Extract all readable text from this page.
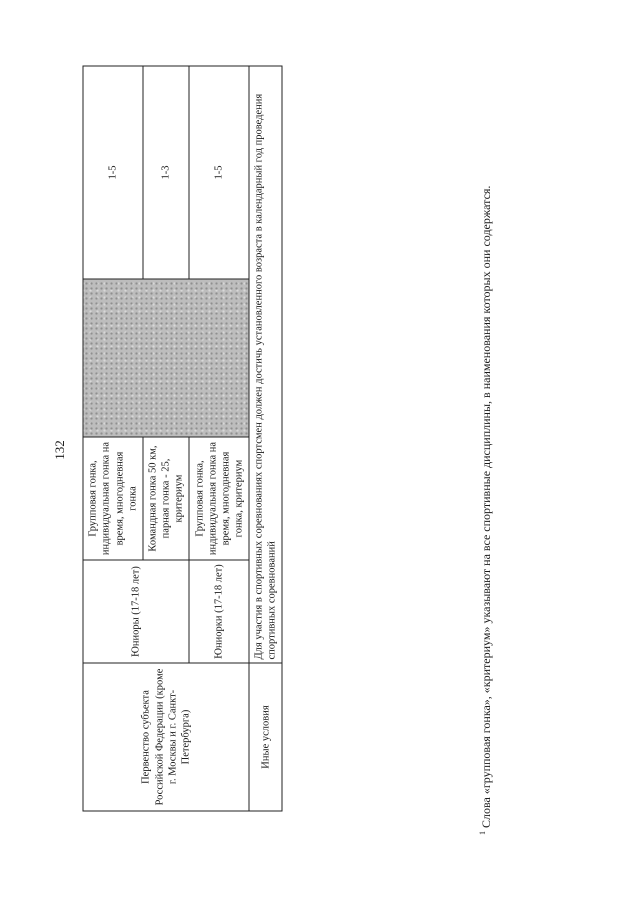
132
Первенство субъекта Российской Федерации (кроме г. Москвы и г. Санкт-Петербурга)	Юниоры (17-18 лет)	Групповая гонка, индивидуальная гонка на время, многодневная гонка		1-5
		Командная гонка 50 км, парная гонка - 25, критериум		1-3
	Юниорки (17-18 лет)	Групповая гонка, индивидуальная гонка на время, многодневная гонка, критериум		1-5
Иные условия	Для участия в спортивных соревнованиях спортсмен должен достичь установленного возраста в календарный год проведения спортивных соревнований			
$^1$ Слова «групповая гонка», «критериум» указывают на все спортивные дисциплины, в наименования которых они содержатся.
